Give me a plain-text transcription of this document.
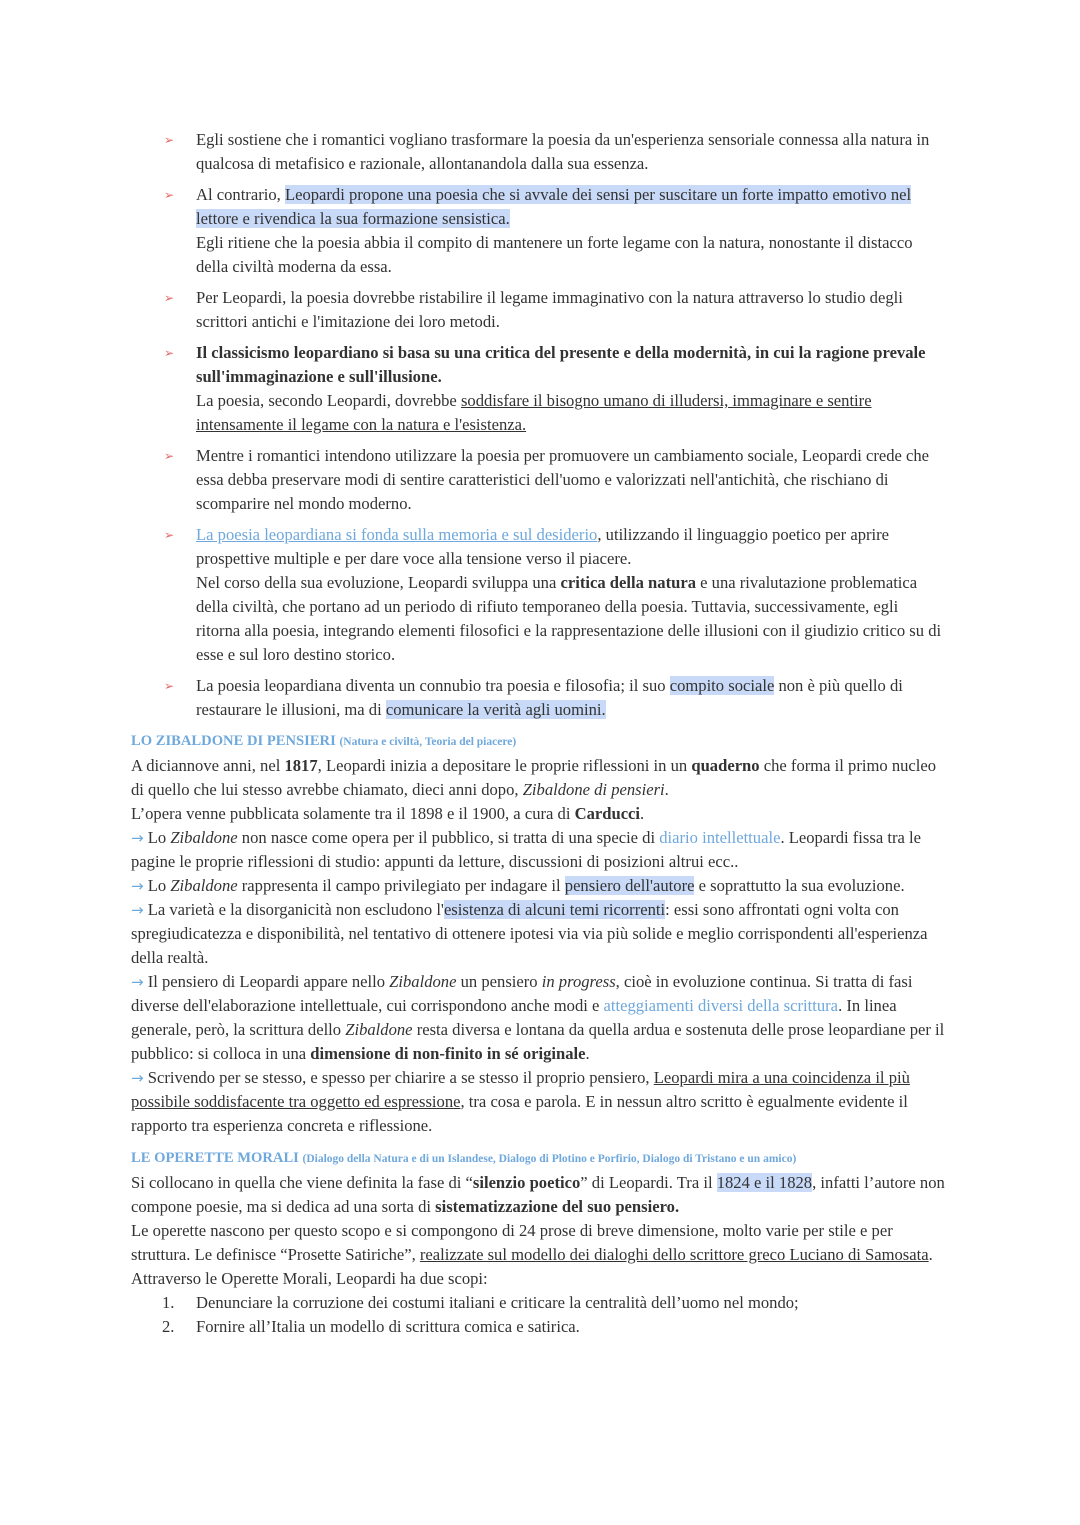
➢ Egli sostiene che i romantici vogliano trasformare la poesia da un'esperienza sensoriale connessa alla natura in qualcosa di metafisico e razionale, allontanandola dalla sua essenza.
➢ Al contrario, Leopardi propone una poesia che si avvale dei sensi per suscitare un forte impatto emotivo nel lettore e rivendica la sua formazione sensistica.
Egli ritiene che la poesia abbia il compito di mantenere un forte legame con la natura, nonostante il distacco della civiltà moderna da essa.
➢ Per Leopardi, la poesia dovrebbe ristabilire il legame immaginativo con la natura attraverso lo studio degli scrittori antichi e l'imitazione dei loro metodi.
➢ Il classicismo leopardiano si basa su una critica del presente e della modernità, in cui la ragione prevale sull'immaginazione e sull'illusione.
La poesia, secondo Leopardi, dovrebbe soddisfare il bisogno umano di illudersi, immaginare e sentire intensamente il legame con la natura e l'esistenza.
➢ Mentre i romantici intendono utilizzare la poesia per promuovere un cambiamento sociale, Leopardi crede che essa debba preservare modi di sentire caratteristici dell'uomo e valorizzati nell'antichità, che rischiano di scomparire nel mondo moderno.
➢ La poesia leopardiana si fonda sulla memoria e sul desiderio, utilizzando il linguaggio poetico per aprire prospettive multiple e per dare voce alla tensione verso il piacere.
Nel corso della sua evoluzione, Leopardi sviluppa una critica della natura e una rivalutazione problematica della civiltà, che portano ad un periodo di rifiuto temporaneo della poesia. Tuttavia, successivamente, egli ritorna alla poesia, integrando elementi filosofici e la rappresentazione delle illusioni con il giudizio critico su di esse e sul loro destino storico.
➢ La poesia leopardiana diventa un connubio tra poesia e filosofia; il suo compito sociale non è più quello di restaurare le illusioni, ma di comunicare la verità agli uomini.

LO ZIBALDONE DI PENSIERI (Natura e civiltà, Teoria del piacere)

A diciannove anni, nel 1817, Leopardi inizia a depositare le proprie riflessioni in un quaderno che forma il primo nucleo di quello che lui stesso avrebbe chiamato, dieci anni dopo, Zibaldone di pensieri.
L’opera venne pubblicata solamente tra il 1898 e il 1900, a cura di Carducci.
→ Lo Zibaldone non nasce come opera per il pubblico, si tratta di una specie di diario intellettuale. Leopardi fissa tra le pagine le proprie riflessioni di studio: appunti da letture, discussioni di posizioni altrui ecc..
→ Lo Zibaldone rappresenta il campo privilegiato per indagare il pensiero dell'autore e soprattutto la sua evoluzione.
→ La varietà e la disorganicità non escludono l'esistenza di alcuni temi ricorrenti: essi sono affrontati ogni volta con spregiudicatezza e disponibilità, nel tentativo di ottenere ipotesi via via più solide e meglio corrispondenti all'esperienza della realtà.
→ Il pensiero di Leopardi appare nello Zibaldone un pensiero in progress, cioè in evoluzione continua. Si tratta di fasi diverse dell'elaborazione intellettuale, cui corrispondono anche modi e atteggiamenti diversi della scrittura. In linea generale, però, la scrittura dello Zibaldone resta diversa e lontana da quella ardua e sostenuta delle prose leopardiane per il pubblico: si colloca in una dimensione di non-finito in sé originale.
→ Scrivendo per se stesso, e spesso per chiarire a se stesso il proprio pensiero, Leopardi mira a una coincidenza il più possibile soddisfacente tra oggetto ed espressione, tra cosa e parola. E in nessun altro scritto è egualmente evidente il rapporto tra esperienza concreta e riflessione.

LE OPERETTE MORALI (Dialogo della Natura e di un Islandese, Dialogo di Plotino e Porfirio, Dialogo di Tristano e un amico)

Si collocano in quella che viene definita la fase di “silenzio poetico” di Leopardi. Tra il 1824 e il 1828, infatti l’autore non compone poesie, ma si dedica ad una sorta di sistematizzazione del suo pensiero.
Le operette nascono per questo scopo e si compongono di 24 prose di breve dimensione, molto varie per stile e per struttura. Le definisce “Prosette Satiriche”, realizzate sul modello dei dialoghi dello scrittore greco Luciano di Samosata.
Attraverso le Operette Morali, Leopardi ha due scopi:

1. Denunciare la corruzione dei costumi italiani e criticare la centralità dell’uomo nel mondo;
2. Fornire all’Italia un modello di scrittura comica e satirica.
